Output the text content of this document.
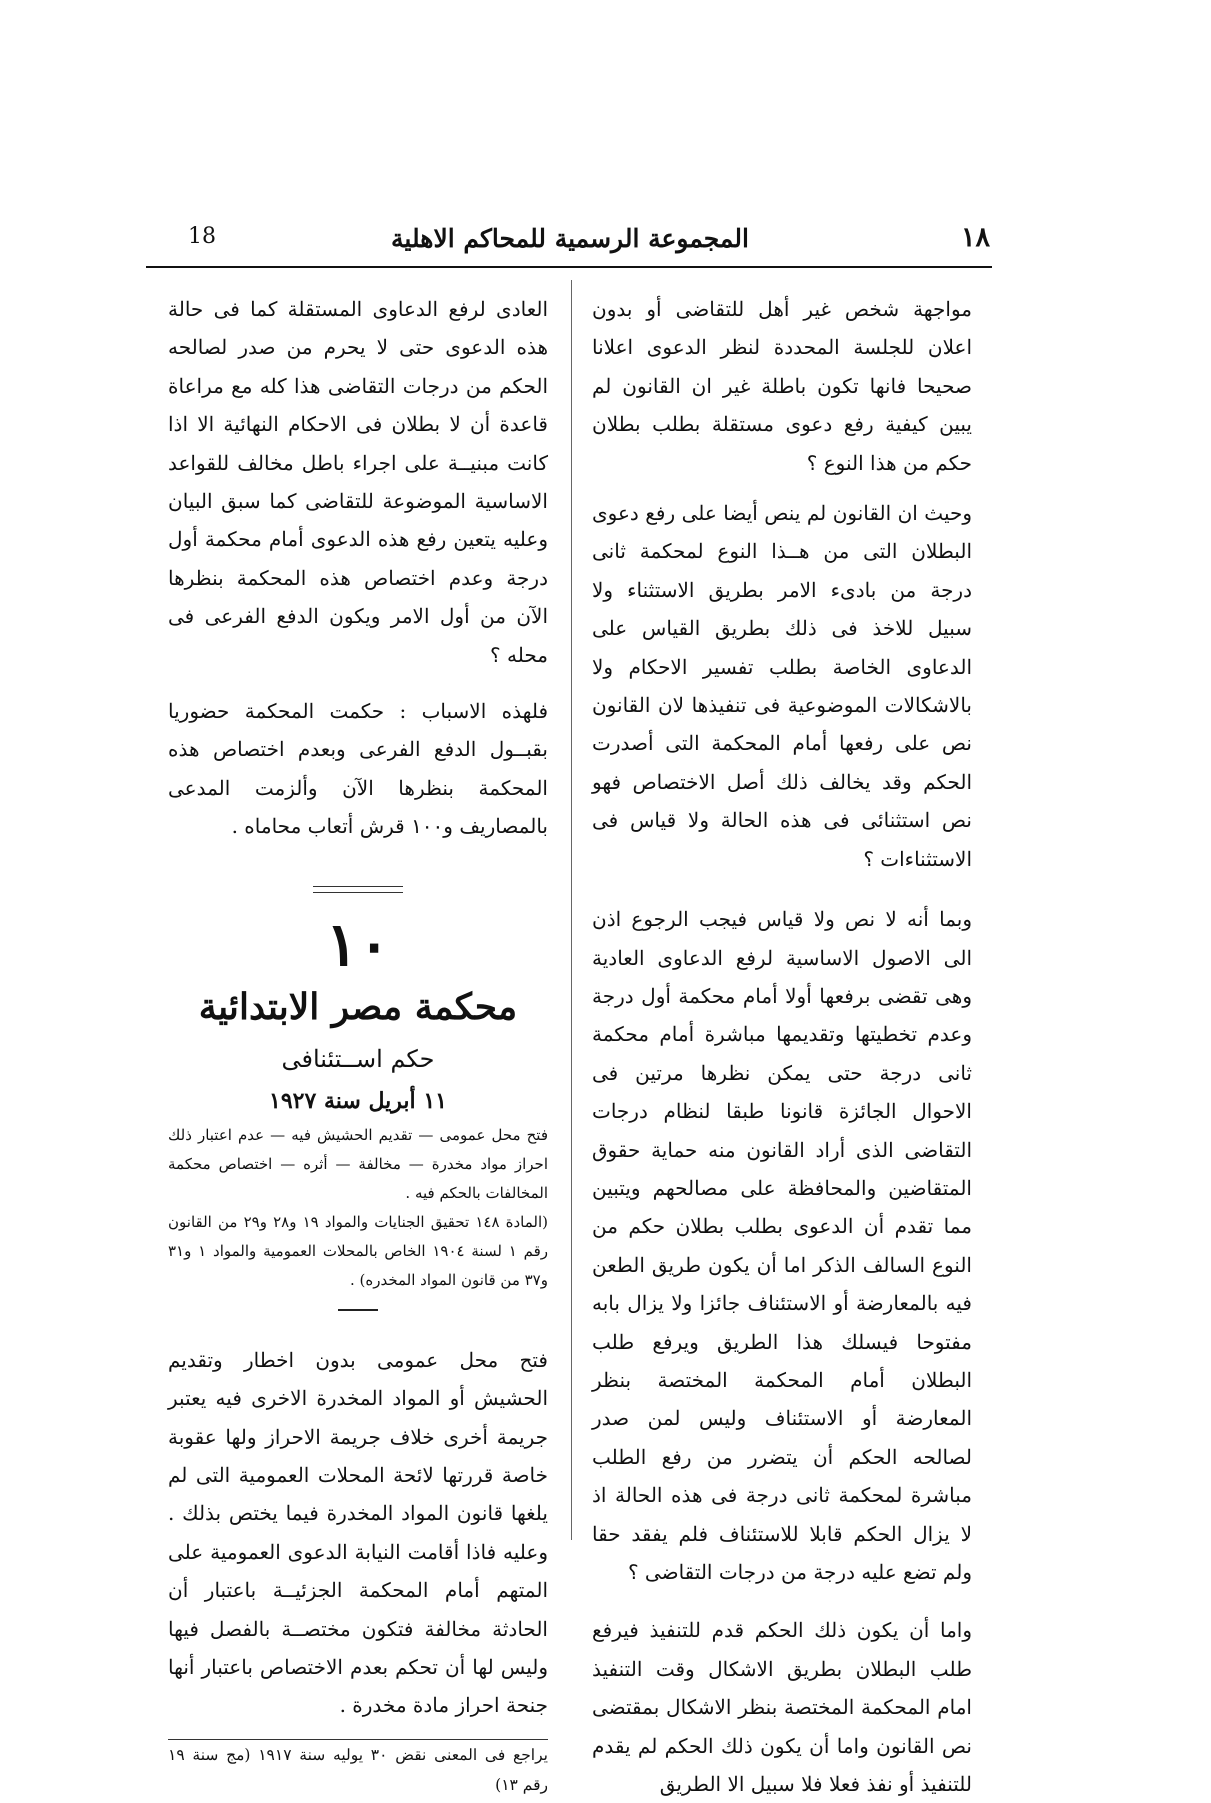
١٨
المجموعة الرسمية للمحاكم الاهلية
18

مواجهة شخص غير أهل للتقاضى أو بدون اعلان للجلسة المحددة لنظر الدعوى اعلانا صحيحا فانها تكون باطلة غير ان القانون لم يبين كيفية رفع دعوى مستقلة بطلب بطلان حكم من هذا النوع ؟

وحيث ان القانون لم ينص أيضا على رفع دعوى البطلان التى من هــذا النوع لمحكمة ثانى درجة من بادىء الامر بطريق الاستثناء ولا سبيل للاخذ فى ذلك بطريق القياس على الدعاوى الخاصة بطلب تفسير الاحكام ولا بالاشكالات الموضوعية فى تنفيذها لان القانون نص على رفعها أمام المحكمة التى أصدرت الحكم وقد يخالف ذلك أصل الاختصاص فهو نص استثنائى فى هذه الحالة ولا قياس فى الاستثناءات ؟

وبما أنه لا نص ولا قياس فيجب الرجوع اذن الى الاصول الاساسية لرفع الدعاوى العادية وهى تقضى برفعها أولا أمام محكمة أول درجة وعدم تخطيتها وتقديمها مباشرة أمام محكمة ثانى درجة حتى يمكن نظرها مرتين فى الاحوال الجائزة قانونا طبقا لنظام درجات التقاضى الذى أراد القانون منه حماية حقوق المتقاضين والمحافظة على مصالحهم ويتبين مما تقدم أن الدعوى بطلب بطلان حكم من النوع السالف الذكر اما أن يكون طريق الطعن فيه بالمعارضة أو الاستئناف جائزا ولا يزال بابه مفتوحا فيسلك هذا الطريق ويرفع طلب البطلان أمام المحكمة المختصة بنظر المعارضة أو الاستئناف وليس لمن صدر لصالحه الحكم أن يتضرر من رفع الطلب مباشرة لمحكمة ثانى درجة فى هذه الحالة اذ لا يزال الحكم قابلا للاستئناف فلم يفقد حقا ولم تضع عليه درجة من درجات التقاضى ؟

واما أن يكون ذلك الحكم قدم للتنفيذ فيرفع طلب البطلان بطريق الاشكال وقت التنفيذ امام المحكمة المختصة بنظر الاشكال بمقتضى نص القانون واما أن يكون ذلك الحكم لم يقدم للتنفيذ أو نفذ فعلا فلا سبيل الا الطريق

العادى لرفع الدعاوى المستقلة كما فى حالة هذه الدعوى حتى لا يحرم من صدر لصالحه الحكم من درجات التقاضى هذا كله مع مراعاة قاعدة أن لا بطلان فى الاحكام النهائية الا اذا كانت مبنيــة على اجراء باطل مخالف للقواعد الاساسية الموضوعة للتقاضى كما سبق البيان وعليه يتعين رفع هذه الدعوى أمام محكمة أول درجة وعدم اختصاص هذه المحكمة بنظرها الآن من أول الامر ويكون الدفع الفرعى فى محله ؟

فلهذه الاسباب : حكمت المحكمة حضوريا بقبــول الدفع الفرعى وبعدم اختصاص هذه المحكمة بنظرها الآن وألزمت المدعى بالمصاريف و١٠٠ قرش أتعاب محاماه .

١٠
محكمة مصر الابتدائية
حكم اســتئنافى
١١ أبريل سنة ١٩٢٧

فتح محل عمومى — تقديم الحشيش فيه — عدم اعتبار ذلك احراز مواد مخدرة — مخالفة — أثره — اختصاص محكمة المخالفات بالحكم فيه .

(المادة ١٤٨ تحقيق الجنايات والمواد ١٩ و٢٨ و٢٩ من القانون رقم ١ لسنة ١٩٠٤ الخاص بالمحلات العمومية والمواد ١ و٣١ و٣٧ من قانون المواد المخدره) .

فتح محل عمومى بدون اخطار وتقديم الحشيش أو المواد المخدرة الاخرى فيه يعتبر جريمة أخرى خلاف جريمة الاحراز ولها عقوبة خاصة قررتها لائحة المحلات العمومية التى لم يلغها قانون المواد المخدرة فيما يختص بذلك . وعليه فاذا أقامت النيابة الدعوى العمومية على المتهم أمام المحكمة الجزئيــة باعتبار أن الحادثة مخالفة فتكون مختصــة بالفصل فيها وليس لها أن تحكم بعدم الاختصاص باعتبار أنها جنحة احراز مادة مخدرة .

يراجع فى المعنى نقض ٣٠ يوليه سنة ١٩١٧ (مج سنة ١٩ رقم ١٣)
